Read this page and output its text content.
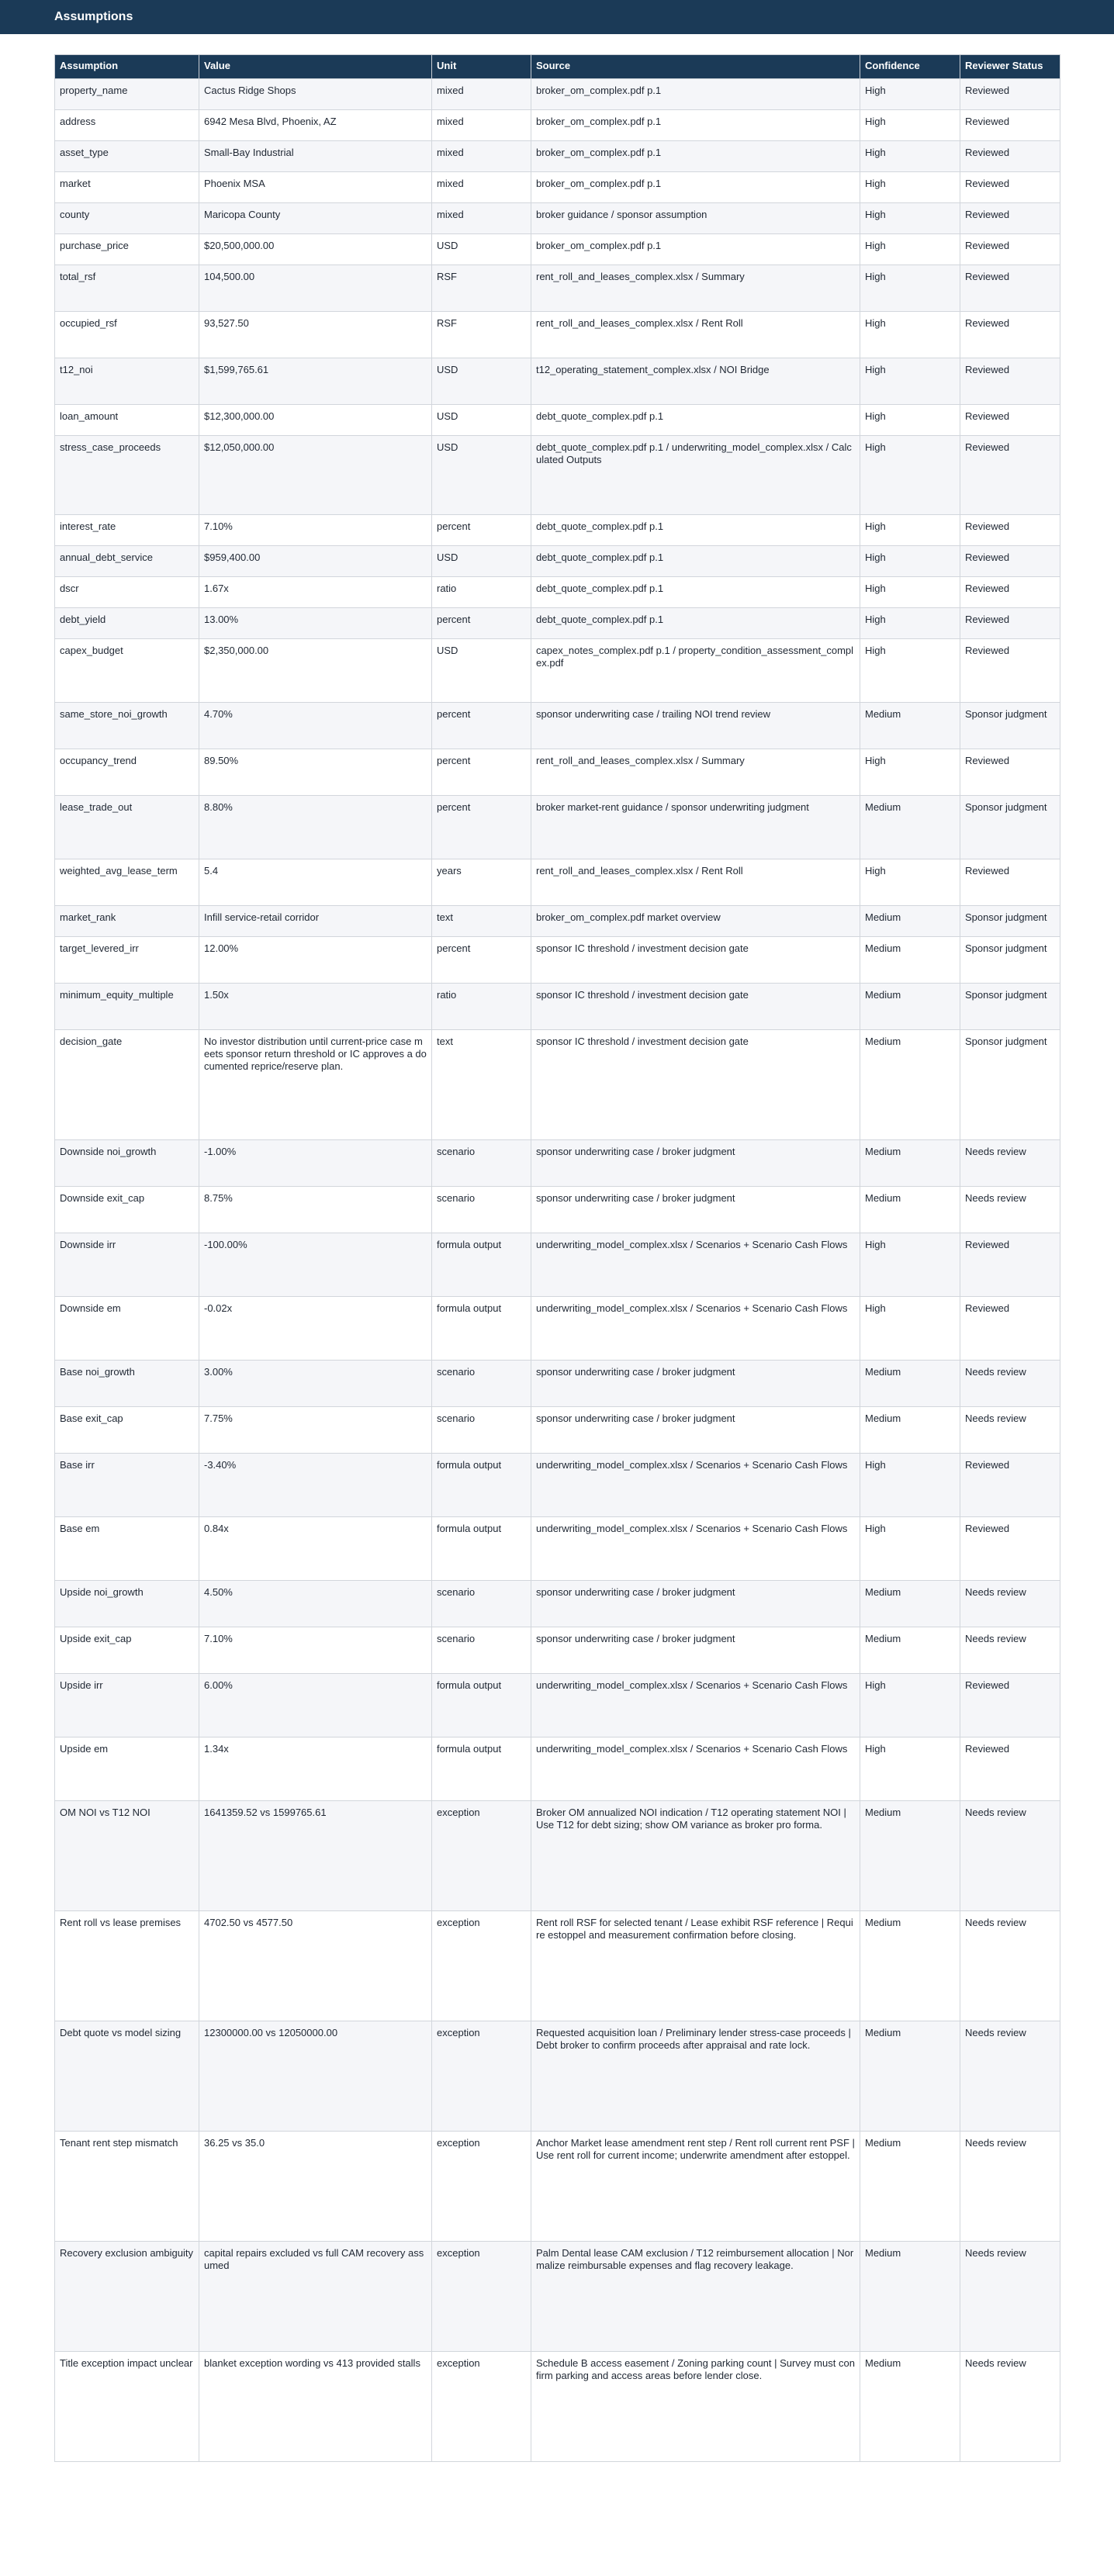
Assumptions
Assumption	Value	Unit	Source	Confidence	Reviewer Status
property_name	Cactus Ridge Shops	mixed	broker_om_complex.pdf p.1	High	Reviewed
address	6942 Mesa Blvd, Phoenix, AZ	mixed	broker_om_complex.pdf p.1	High	Reviewed
asset_type	Small-Bay Industrial	mixed	broker_om_complex.pdf p.1	High	Reviewed
market	Phoenix MSA	mixed	broker_om_complex.pdf p.1	High	Reviewed
county	Maricopa County	mixed	broker guidance / sponsor assumption	High	Reviewed
purchase_price	$20,500,000.00	USD	broker_om_complex.pdf p.1	High	Reviewed
total_rsf	104,500.00	RSF	rent_roll_and_leases_complex.xlsx / Summary	High	Reviewed
occupied_rsf	93,527.50	RSF	rent_roll_and_leases_complex.xlsx / Rent Roll	High	Reviewed
t12_noi	$1,599,765.61	USD	t12_operating_statement_complex.xlsx / NOI Bridge	High	Reviewed
loan_amount	$12,300,000.00	USD	debt_quote_complex.pdf p.1	High	Reviewed
stress_case_proceeds	$12,050,000.00	USD	debt_quote_complex.pdf p.1 / underwriting_model_complex.xlsx / Calculated Outputs	High	Reviewed
interest_rate	7.10%	percent	debt_quote_complex.pdf p.1	High	Reviewed
annual_debt_service	$959,400.00	USD	debt_quote_complex.pdf p.1	High	Reviewed
dscr	1.67x	ratio	debt_quote_complex.pdf p.1	High	Reviewed
debt_yield	13.00%	percent	debt_quote_complex.pdf p.1	High	Reviewed
capex_budget	$2,350,000.00	USD	capex_notes_complex.pdf p.1 / property_condition_assessment_complex.pdf	High	Reviewed
same_store_noi_growth	4.70%	percent	sponsor underwriting case / trailing NOI trend review	Medium	Sponsor judgment
occupancy_trend	89.50%	percent	rent_roll_and_leases_complex.xlsx / Summary	High	Reviewed
lease_trade_out	8.80%	percent	broker market-rent guidance / sponsor underwriting judgment	Medium	Sponsor judgment
weighted_avg_lease_term	5.4	years	rent_roll_and_leases_complex.xlsx / Rent Roll	High	Reviewed
market_rank	Infill service-retail corridor	text	broker_om_complex.pdf market overview	Medium	Sponsor judgment
target_levered_irr	12.00%	percent	sponsor IC threshold / investment decision gate	Medium	Sponsor judgment
minimum_equity_multiple	1.50x	ratio	sponsor IC threshold / investment decision gate	Medium	Sponsor judgment
decision_gate	No investor distribution until current-price case meets sponsor return threshold or IC approves a documented reprice/reserve plan.	text	sponsor IC threshold / investment decision gate	Medium	Sponsor judgment
Downside noi_growth	-1.00%	scenario	sponsor underwriting case / broker judgment	Medium	Needs review
Downside exit_cap	8.75%	scenario	sponsor underwriting case / broker judgment	Medium	Needs review
Downside irr	-100.00%	formula output	underwriting_model_complex.xlsx / Scenarios + Scenario Cash Flows	High	Reviewed
Downside em	-0.02x	formula output	underwriting_model_complex.xlsx / Scenarios + Scenario Cash Flows	High	Reviewed
Base noi_growth	3.00%	scenario	sponsor underwriting case / broker judgment	Medium	Needs review
Base exit_cap	7.75%	scenario	sponsor underwriting case / broker judgment	Medium	Needs review
Base irr	-3.40%	formula output	underwriting_model_complex.xlsx / Scenarios + Scenario Cash Flows	High	Reviewed
Base em	0.84x	formula output	underwriting_model_complex.xlsx / Scenarios + Scenario Cash Flows	High	Reviewed
Upside noi_growth	4.50%	scenario	sponsor underwriting case / broker judgment	Medium	Needs review
Upside exit_cap	7.10%	scenario	sponsor underwriting case / broker judgment	Medium	Needs review
Upside irr	6.00%	formula output	underwriting_model_complex.xlsx / Scenarios + Scenario Cash Flows	High	Reviewed
Upside em	1.34x	formula output	underwriting_model_complex.xlsx / Scenarios + Scenario Cash Flows	High	Reviewed
OM NOI vs T12 NOI	1641359.52 vs 1599765.61	exception	Broker OM annualized NOI indication / T12 operating statement NOI | Use T12 for debt sizing; show OM variance as broker pro forma.	Medium	Needs review
Rent roll vs lease premises	4702.50 vs 4577.50	exception	Rent roll RSF for selected tenant / Lease exhibit RSF reference | Require estoppel and measurement confirmation before closing.	Medium	Needs review
Debt quote vs model sizing	12300000.00 vs 12050000.00	exception	Requested acquisition loan / Preliminary lender stress-case proceeds | Debt broker to confirm proceeds after appraisal and rate lock.	Medium	Needs review
Tenant rent step mismatch	36.25 vs 35.0	exception	Anchor Market lease amendment rent step / Rent roll current rent PSF | Use rent roll for current income; underwrite amendment after estoppel.	Medium	Needs review
Recovery exclusion ambiguity	capital repairs excluded vs full CAM recovery assumed	exception	Palm Dental lease CAM exclusion / T12 reimbursement allocation | Normalize reimbursable expenses and flag recovery leakage.	Medium	Needs review
Title exception impact unclear	blanket exception wording vs 413 provided stalls	exception	Schedule B access easement / Zoning parking count | Survey must confirm parking and access areas before lender close.	Medium	Needs review
